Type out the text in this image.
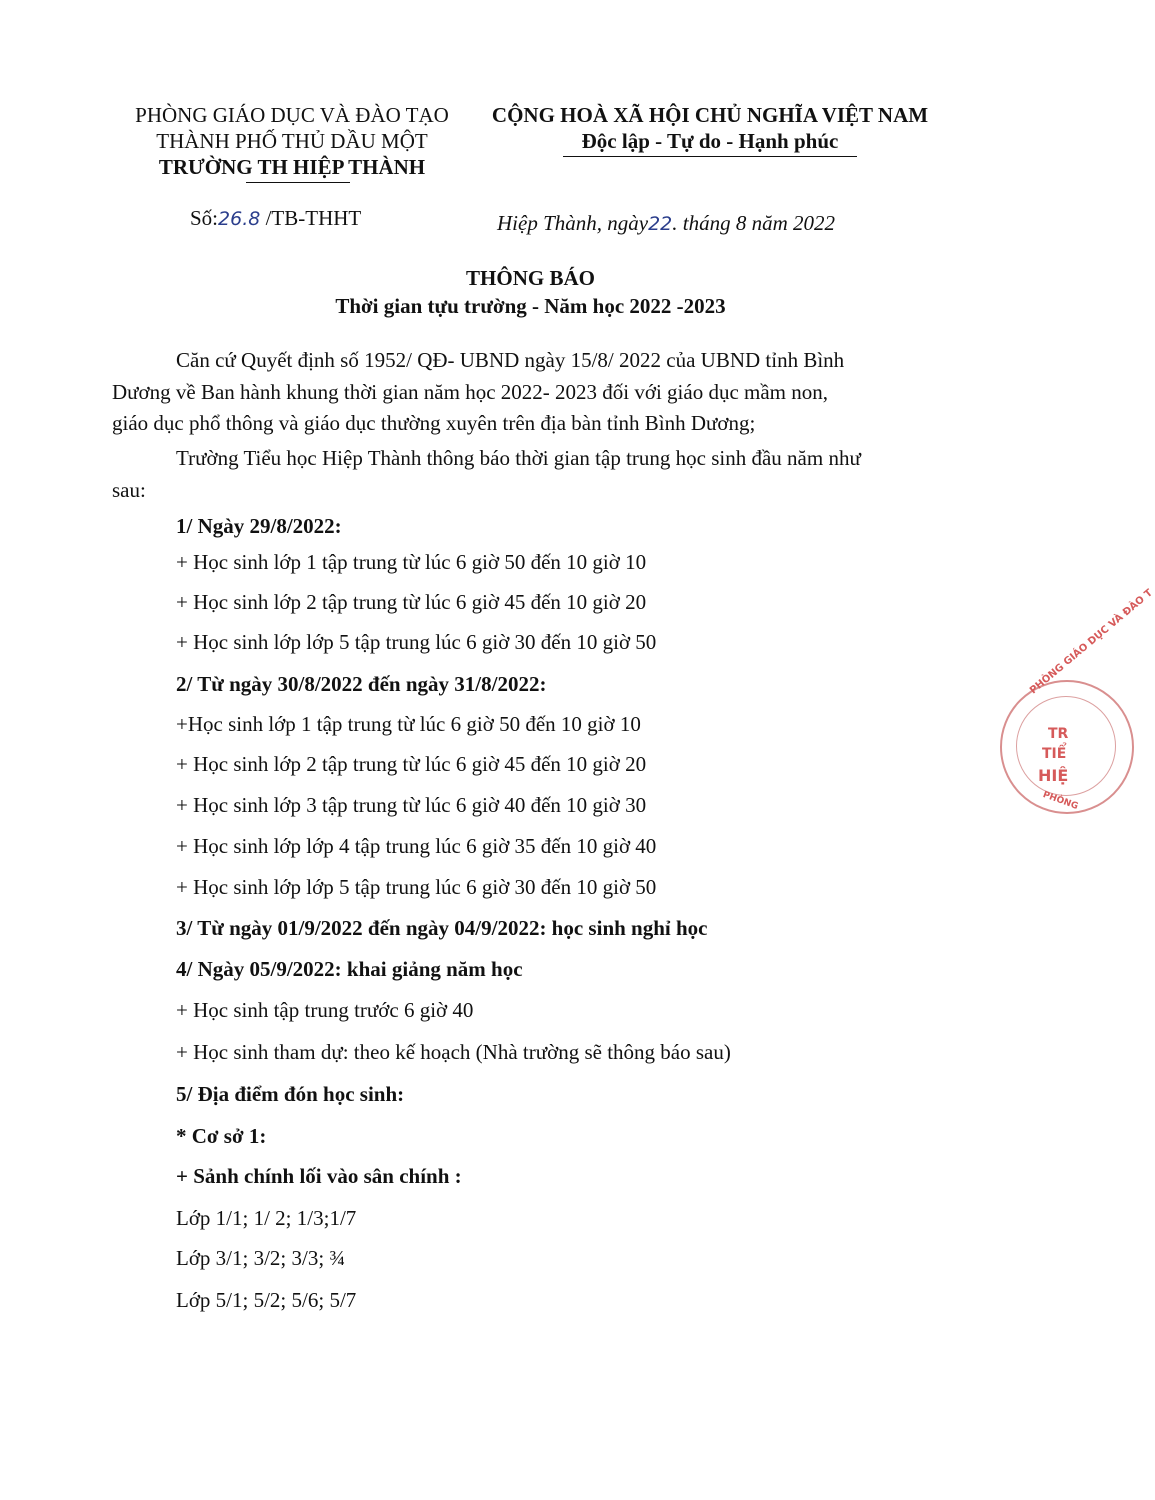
PHÒNG GIÁO DỤC VÀ ĐÀO TẠO
THÀNH PHỐ THỦ DẦU MỘT
TRƯỜNG TH HIỆP THÀNH
CỘNG HOÀ XÃ HỘI CHỦ NGHĨA VIỆT NAM
Độc lập - Tự do - Hạnh phúc
Số:26.8 /TB-THHT	Hiệp Thành, ngày22. tháng 8 năm 2022
THÔNG BÁO
Thời gian tựu trường - Năm học 2022 -2023
Căn cứ Quyết định số 1952/ QĐ- UBND ngày 15/8/ 2022 của UBND tỉnh Bình
Dương về Ban hành khung thời gian năm học 2022- 2023 đối với giáo dục mầm non,
giáo dục phổ thông và giáo dục thường xuyên trên địa bàn tỉnh Bình Dương;
Trường Tiểu học Hiệp Thành thông báo thời gian tập trung học sinh đầu năm như
sau:
1/ Ngày 29/8/2022:
+ Học sinh lớp 1 tập trung từ lúc 6 giờ 50 đến 10 giờ 10
+ Học sinh lớp 2 tập trung từ lúc 6 giờ 45 đến 10 giờ 20
+ Học sinh lớp lớp 5 tập trung lúc 6 giờ 30 đến 10 giờ 50
2/ Từ ngày 30/8/2022 đến ngày 31/8/2022:
+Học sinh lớp 1 tập trung từ lúc 6 giờ 50 đến 10 giờ 10
+ Học sinh lớp 2 tập trung từ lúc 6 giờ 45 đến 10 giờ 20
+ Học sinh lớp 3 tập trung từ lúc 6 giờ 40 đến 10 giờ 30
+ Học sinh lớp lớp 4 tập trung lúc 6 giờ 35 đến 10 giờ 40
+ Học sinh lớp lớp 5 tập trung lúc 6 giờ 30 đến 10 giờ 50
3/ Từ ngày 01/9/2022 đến ngày 04/9/2022: học sinh nghỉ học
4/ Ngày 05/9/2022: khai giảng năm học
+ Học sinh tập trung trước 6 giờ 40
+ Học sinh tham dự: theo kế hoạch (Nhà trường sẽ thông báo sau)
5/ Địa điểm đón học sinh:
* Cơ sở 1:
+ Sảnh chính lối vào sân chính :
Lớp 1/1; 1/ 2; 1/3;1/7
Lớp 3/1; 3/2; 3/3; ¾
Lớp 5/1; 5/2; 5/6; 5/7
PHÒNG GIÁO DỤC VÀ ĐÀO T
TR
TIỂ
HIỆ
PHÒNG
